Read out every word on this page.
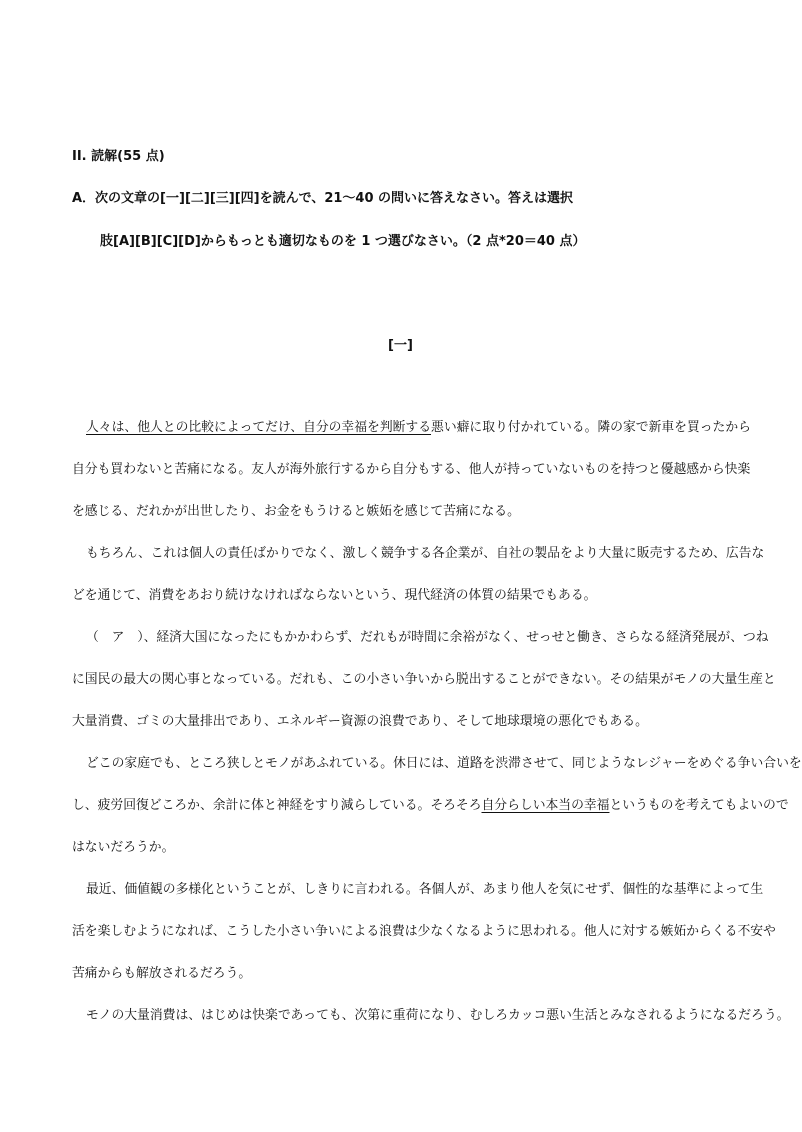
II. 読解(55 点)
A．次の文章の[一][二][三][四]を読んで、21～40 の問いに答えなさい。答えは選択
肢[A][B][C][D]からもっとも適切なものを 1 つ選びなさい。（2 点*20＝40 点）
[一]
人々は、他人との比較によってだけ、自分の幸福を判断する悪い癖に取り付かれている。隣の家で新車を買ったから
自分も買わないと苦痛になる。友人が海外旅行するから自分もする、他人が持っていないものを持つと優越感から快楽
を感じる、だれかが出世したり、お金をもうけると嫉妬を感じて苦痛になる。
もちろん、これは個人の責任ばかりでなく、激しく競争する各企業が、自社の製品をより大量に販売するため、広告な
どを通じて、消費をあおり続けなければならないという、現代経済の体質の結果でもある。
（　ア　）、経済大国になったにもかかわらず、だれもが時間に余裕がなく、せっせと働き、さらなる経済発展が、つね
に国民の最大の関心事となっている。だれも、この小さい争いから脱出することができない。その結果がモノの大量生産と
大量消費、ゴミの大量排出であり、エネルギー資源の浪費であり、そして地球環境の悪化でもある。
どこの家庭でも、ところ狭しとモノがあふれている。休日には、道路を渋滞させて、同じようなレジャーをめぐる争い合いを
し、疲労回復どころか、余計に体と神経をすり減らしている。そろそろ自分らしい本当の幸福というものを考えてもよいので
はないだろうか。
最近、価値観の多様化ということが、しきりに言われる。各個人が、あまり他人を気にせず、個性的な基準によって生
活を楽しむようになれば、こうした小さい争いによる浪費は少なくなるように思われる。他人に対する嫉妬からくる不安や
苦痛からも解放されるだろう。
モノの大量消費は、はじめは快楽であっても、次第に重荷になり、むしろカッコ悪い生活とみなされるようになるだろう。
